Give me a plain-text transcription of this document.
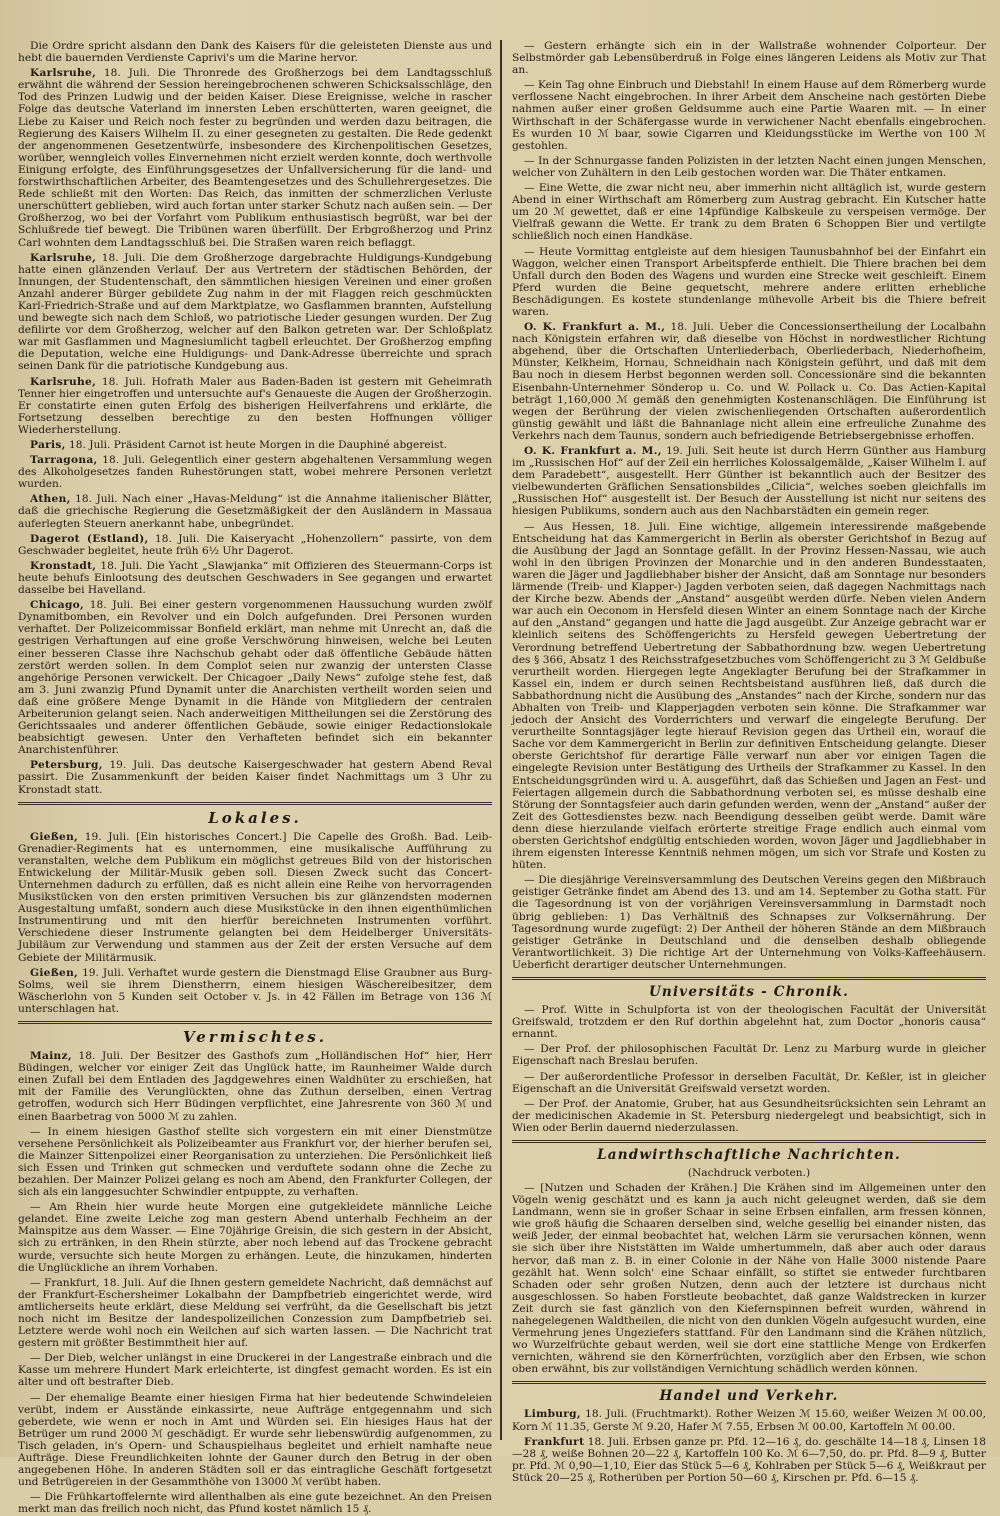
Die Ordre spricht alsdann den Dank des Kaisers für die geleisteten Dienste aus und hebt die bauernden Verdienste Caprivi's um die Marine hervor.

Karlsruhe, 18. Juli. Die Thronrede des Großherzogs bei dem Landtagsschluß erwähnt die während der Session hereingebrochenen schweren Schicksalsschläge, den Tod des Prinzen Ludwig und der beiden Kaiser. Diese Ereignisse, welche in rascher Folge das deutsche Vaterland im innersten Leben erschütterten, waren geeignet, die Liebe zu Kaiser und Reich noch fester zu begründen und werden dazu beitragen, die Regierung des Kaisers Wilhelm II. zu einer gesegneten zu gestalten. Die Rede gedenkt der angenommenen Gesetzentwürfe, insbesondere des Kirchenpolitischen Gesetzes, worüber, wenngleich volles Einvernehmen nicht erzielt werden konnte, doch werthvolle Einigung erfolgte, des Einführungsgesetzes der Unfallversicherung für die land- und forstwirthschaftlichen Arbeiter, des Beamtengesetzes und des Schullehrergesetzes. Die Rede schließt mit den Worten: Das Reich, das inmitten der schmerzlichen Verluste unerschüttert geblieben, wird auch fortan unter starker Schutz nach außen sein. — Der Großherzog, wo bei der Vorfahrt vom Publikum enthusiastisch begrüßt, war bei der Schlußrede tief bewegt. Die Tribünen waren überfüllt. Der Erbgroßherzog und Prinz Carl wohnten dem Landtagsschluß bei. Die Straßen waren reich beflaggt.

Karlsruhe, 18. Juli. Die dem Großherzoge dargebrachte Huldigungs-Kundgebung hatte einen glänzenden Verlauf. Der aus Vertretern der städtischen Behörden, der Innungen, der Studentenschaft, den sämmtlichen hiesigen Vereinen und einer großen Anzahl anderer Bürger gebildete Zug nahm in der mit Flaggen reich geschmückten Karl-Friedrich-Straße und auf dem Marktplatze, wo Gasflammen brannten, Aufstellung und bewegte sich nach dem Schloß, wo patriotische Lieder gesungen wurden. Der Zug defilirte vor dem Großherzog, welcher auf den Balkon getreten war. Der Schloßplatz war mit Gasflammen und Magnesiumlicht tagbell erleuchtet. Der Großherzog empfing die Deputation, welche eine Huldigungs- und Dank-Adresse überreichte und sprach seinen Dank für die patriotische Kundgebung aus.

Karlsruhe, 18. Juli. Hofrath Maler aus Baden-Baden ist gestern mit Geheimrath Tenner hier eingetroffen und untersuchte auf's Genaueste die Augen der Großherzogin. Er constatirte einen guten Erfolg des bisherigen Heilverfahrens und erklärte, die Fortsetzung desselben berechtige zu den besten Hoffnungen völliger Wiederherstellung.

Paris, 18. Juli. Präsident Carnot ist heute Morgen in die Dauphiné abgereist.

Tarragona, 18. Juli. Gelegentlich einer gestern abgehaltenen Versammlung wegen des Alkoholgesetzes fanden Ruhestörungen statt, wobei mehrere Personen verletzt wurden.

Athen, 18. Juli. Nach einer „Havas-Meldung“ ist die Annahme italienischer Blätter, daß die griechische Regierung die Gesetzmäßigkeit der den Ausländern in Massaua auferlegten Steuern anerkannt habe, unbegründet.

Dagerot (Estland), 18. Juli. Die Kaiseryacht „Hohenzollern“ passirte, von dem Geschwader begleitet, heute früh 6½ Uhr Dagerot.

Kronstadt, 18. Juli. Die Yacht „Slawjanka“ mit Offizieren des Steuermann-Corps ist heute behufs Einlootsung des deutschen Geschwaders in See gegangen und erwartet dasselbe bei Havelland.

Chicago, 18. Juli. Bei einer gestern vorgenommenen Haussuchung wurden zwölf Dynamitbomben, ein Revolver und ein Dolch aufgefunden. Drei Personen wurden verhaftet. Der Polizeicommissar Bonfield erklärt, man nehme mit Unrecht an, daß die gestrigen Verhaftungen auf eine große Verschwörung hinweisen, welche bei Leuten einer besseren Classe ihre Nachschub gehabt oder daß öffentliche Gebäude hätten zerstört werden sollen. In dem Complot seien nur zwanzig der untersten Classe angehörige Personen verwickelt. Der Chicagoer „Daily News“ zufolge stehe fest, daß am 3. Juni zwanzig Pfund Dynamit unter die Anarchisten vertheilt worden seien und daß eine größere Menge Dynamit in die Hände von Mitgliedern der centralen Arbeiterunion gelangt seien. Nach anderweitigen Mittheilungen sei die Zerstörung des Gerichtssaales und anderer öffentlichen Gebäude, sowie einiger Redactionslokale beabsichtigt gewesen. Unter den Verhafteten befindet sich ein bekannter Anarchistenführer.

Petersburg, 19. Juli. Das deutsche Kaisergeschwader hat gestern Abend Reval passirt. Die Zusammenkunft der beiden Kaiser findet Nachmittags um 3 Uhr zu Kronstadt statt.

Lokales.

Gießen, 19. Juli. [Ein historisches Concert.] Die Capelle des Großh. Bad. Leib-Grenadier-Regiments hat es unternommen, eine musikalische Aufführung zu veranstalten, welche dem Publikum ein möglichst getreues Bild von der historischen Entwickelung der Militär-Musik geben soll. Diesen Zweck sucht das Concert-Unternehmen dadurch zu erfüllen, daß es nicht allein eine Reihe von hervorragenden Musikstücken von den ersten primitiven Versuchen bis zur glänzendsten modernen Ausgestaltung umfaßt, sondern auch diese Musikstücke in den ihnen eigenthümlichen Instrumentirung und mit den hierfür bereichneten Instrumenten vorführt. Verschiedene dieser Instrumente gelangten bei dem Heidelberger Universitäts-Jubiläum zur Verwendung und stammen aus der Zeit der ersten Versuche auf dem Gebiete der Militärmusik.

Gießen, 19. Juli. Verhaftet wurde gestern die Dienstmagd Elise Graubner aus Burg-Solms, weil sie ihrem Dienstherrn, einem hiesigen Wäschereibesitzer, dem Wäscherlohn von 5 Kunden seit October v. Js. in 42 Fällen im Betrage von 136 ℳ unterschlagen hat.

Vermischtes.

Mainz, 18. Juli. Der Besitzer des Gasthofs zum „Holländischen Hof“ hier, Herr Büdingen, welcher vor einiger Zeit das Unglück hatte, im Raunheimer Walde durch einen Zufall bei dem Entladen des Jagdgewehres einen Waldhüter zu erschießen, hat mit der Familie des Verunglückten, ohne das Zuthun derselben, einen Vertrag getroffen, wodurch sich Herr Büdingen verpflichtet, eine Jahresrente von 360 ℳ und einen Baarbetrag von 5000 ℳ zu zahlen.

— In einem hiesigen Gasthof stellte sich vorgestern ein mit einer Dienstmütze versehene Persönlichkeit als Polizeibeamter aus Frankfurt vor, der hierher berufen sei, die Mainzer Sittenpolizei einer Reorganisation zu unterziehen. Die Persönlichkeit ließ sich Essen und Trinken gut schmecken und verduftete sodann ohne die Zeche zu bezahlen. Der Mainzer Polizei gelang es noch am Abend, den Frankfurter Collegen, der sich als ein langgesuchter Schwindler entpuppte, zu verhaften.

— Am Rhein hier wurde heute Morgen eine gutgekleidete männliche Leiche gelandet. Eine zweite Leiche zog man gestern Abend unterhalb Fechheim an der Mainspitze aus dem Wasser. — Eine 70jährige Greisin, die sich gestern in der Absicht, sich zu ertränken, in den Rhein stürzte, aber noch lebend auf das Trockene gebracht wurde, versuchte sich heute Morgen zu erhängen. Leute, die hinzukamen, hinderten die Unglückliche an ihrem Vorhaben.

— Frankfurt, 18. Juli. Auf die Ihnen gestern gemeldete Nachricht, daß demnächst auf der Frankfurt-Eschersheimer Lokalbahn der Dampfbetrieb eingerichtet werde, wird amtlicherseits heute erklärt, diese Meldung sei verfrüht, da die Gesellschaft bis jetzt noch nicht im Besitze der landespolizeilichen Conzession zum Dampfbetrieb sei. Letztere werde wohl noch ein Weilchen auf sich warten lassen. — Die Nachricht trat gestern mit größter Bestimmtheit hier auf.

— Der Dieb, welcher unlängst in eine Druckerei in der Langestraße einbrach und die Kasse um mehrere Hundert Mark erleichterte, ist dingfest gemacht worden. Es ist ein alter und oft bestrafter Dieb.

— Der ehemalige Beamte einer hiesigen Firma hat hier bedeutende Schwindeleien verübt, indem er Ausstände einkassirte, neue Aufträge entgegennahm und sich geberdete, wie wenn er noch in Amt und Würden sei. Ein hiesiges Haus hat der Betrüger um rund 2000 ℳ geschädigt. Er wurde sehr liebenswürdig aufgenommen, zu Tisch geladen, in's Opern- und Schauspielhaus begleitet und erhielt namhafte neue Aufträge. Diese Freundlichkeiten lohnte der Gauner durch den Betrug in der oben angegebenen Höhe. In anderen Städten soll er das eintragliche Geschäft fortgesetzt und Betrügereien in der Gesammthöhe von 13000 ℳ verübt haben.

— Die Frühkartoffelernte wird allenthalben als eine gute bezeichnet. An den Preisen merkt man das freilich noch nicht, das Pfund kostet nämlich 15 ₰.

— Gestern erhängte sich ein in der Wallstraße wohnender Colporteur. Der Selbstmörder gab Lebensüberdruß in Folge eines längeren Leidens als Motiv zur That an.

— Kein Tag ohne Einbruch und Diebstahl! In einem Hause auf dem Römerberg wurde verflossene Nacht eingebrochen. In ihrer Arbeit dem Anscheine nach gestörten Diebe nahmen außer einer großen Geldsumme auch eine Partie Waaren mit. — In einer Wirthschaft in der Schäfergasse wurde in verwichener Nacht ebenfalls eingebrochen. Es wurden 10 ℳ baar, sowie Cigarren und Kleidungsstücke im Werthe von 100 ℳ gestohlen.

— In der Schnurgasse fanden Polizisten in der letzten Nacht einen jungen Menschen, welcher von Zuhältern in den Leib gestochen worden war. Die Thäter entkamen.

— Eine Wette, die zwar nicht neu, aber immerhin nicht alltäglich ist, wurde gestern Abend in einer Wirthschaft am Römerberg zum Austrag gebracht. Ein Kutscher hatte um 20 ℳ gewettet, daß er eine 14pfündige Kalbskeule zu verspeisen vermöge. Der Vielfraß gewann die Wette. Er trank zu dem Braten 6 Schoppen Bier und vertilgte schließlich noch einen Handkäse.

— Heute Vormittag entgleiste auf dem hiesigen Taunusbahnhof bei der Einfahrt ein Waggon, welcher einen Transport Arbeitspferde enthielt. Die Thiere brachen bei dem Unfall durch den Boden des Wagens und wurden eine Strecke weit geschleift. Einem Pferd wurden die Beine gequetscht, mehrere andere erlitten erhebliche Beschädigungen. Es kostete stundenlange mühevolle Arbeit bis die Thiere befreit waren.

O. K. Frankfurt a. M., 18. Juli. Ueber die Concessionsertheilung der Localbahn nach Königstein erfahren wir, daß dieselbe von Höchst in nordwestlicher Richtung abgehend, über die Ortschaften Unterliederbach, Oberliederbach, Niederhofheim, Münster, Kelkheim, Hornau, Schneidhain nach Königstein geführt, und daß mit dem Bau noch in diesem Herbst begonnen werden soll. Concessionäre sind die bekannten Eisenbahn-Unternehmer Sönderop u. Co. und W. Pollack u. Co. Das Actien-Kapital beträgt 1,160,000 ℳ gemäß den genehmigten Kostenanschlägen. Die Einführung ist wegen der Berührung der vielen zwischenliegenden Ortschaften außerordentlich günstig gewählt und läßt die Bahnanlage nicht allein eine erfreuliche Zunahme des Verkehrs nach dem Taunus, sondern auch befriedigende Betriebsergebnisse erhoffen.

O. K. Frankfurt a. M., 19. Juli. Seit heute ist durch Herrn Günther aus Hamburg im „Russischen Hof“ auf der Zeil ein herrliches Kolossalgemälde, „Kaiser Wilhelm I. auf dem Paradebett“, ausgestellt. Herr Günther ist bekanntlich auch der Besitzer des vielbewunderten Gräflichen Sensationsbildes „Cilicia“, welches soeben gleichfalls im „Russischen Hof“ ausgestellt ist. Der Besuch der Ausstellung ist nicht nur seitens des hiesigen Publikums, sondern auch aus den Nachbarstädten ein gemein reger.

— Aus Hessen, 18. Juli. Eine wichtige, allgemein interessirende maßgebende Entscheidung hat das Kammergericht in Berlin als oberster Gerichtshof in Bezug auf die Ausübung der Jagd an Sonntage gefällt. In der Provinz Hessen-Nassau, wie auch wohl in den übrigen Provinzen der Monarchie und in den anderen Bundesstaaten, waren die Jäger und Jagdliebhaber bisher der Ansicht, daß am Sonntage nur besonders lärmende (Treib- und Klapper-) Jagden verboten seien, daß dagegen Nachmittags nach der Kirche bezw. Abends der „Anstand“ ausgeübt werden dürfe. Neben vielen Andern war auch ein Oeconom in Hersfeld diesen Winter an einem Sonntage nach der Kirche auf den „Anstand“ gegangen und hatte die Jagd ausgeübt. Zur Anzeige gebracht war er kleinlich seitens des Schöffengerichts zu Hersfeld gewegen Uebertretung der Verordnung betreffend Uebertretung der Sabbathordnung bzw. wegen Uebertretung des § 366, Absatz 1 des Reichsstrafgesetzbuches vom Schöffengericht zu 3 ℳ Geldbuße verurtheilt worden. Hiergegen legte Angeklagter Berufung bei der Strafkammer in Kassel ein, indem er durch seinen Rechtsbeistand ausführen ließ, daß durch die Sabbathordnung nicht die Ausübung des „Anstandes“ nach der Kirche, sondern nur das Abhalten von Treib- und Klapperjagden verboten sein könne. Die Strafkammer war jedoch der Ansicht des Vorderrichters und verwarf die eingelegte Berufung. Der verurtheilte Sonntagsjäger legte hierauf Revision gegen das Urtheil ein, worauf die Sache vor dem Kammergericht in Berlin zur definitiven Entscheidung gelangte. Dieser oberste Gerichtshof für derartige Fälle verwarf nun aber vor einigen Tagen die eingelegte Revision unter Bestätigung des Urtheils der Strafkammer zu Kassel. In den Entscheidungsgründen wird u. A. ausgeführt, daß das Schießen und Jagen an Fest- und Feiertagen allgemein durch die Sabbathordnung verboten sei, es müsse deshalb eine Störung der Sonntagsfeier auch darin gefunden werden, wenn der „Anstand“ außer der Zeit des Gottesdienstes bezw. nach Beendigung desselben geübt werde. Damit wäre denn diese hierzulande vielfach erörterte streitige Frage endlich auch einmal vom obersten Gerichtshof endgültig entschieden worden, wovon Jäger und Jagdliebhaber in ihrem eigensten Interesse Kenntniß nehmen mögen, um sich vor Strafe und Kosten zu hüten.

— Die diesjährige Vereinsversammlung des Deutschen Vereins gegen den Mißbrauch geistiger Getränke findet am Abend des 13. und am 14. September zu Gotha statt. Für die Tagesordnung ist von der vorjährigen Vereinsversammlung in Darmstadt noch übrig geblieben: 1) Das Verhältniß des Schnapses zur Volksernährung. Der Tagesordnung wurde zugefügt: 2) Der Antheil der höheren Stände an dem Mißbrauch geistiger Getränke in Deutschland und die denselben deshalb obliegende Verantwortlichkeit. 3) Die richtige Art der Unternehmung von Volks-Kaffeehäusern. Ueberficht derartiger deutscher Unternehmungen.

Universitäts - Chronik.

— Prof. Witte in Schulpforta ist von der theologischen Facultät der Universität Greifswald, trotzdem er den Ruf dorthin abgelehnt hat, zum Doctor „honoris causa“ ernannt.

— Der Prof. der philosophischen Facultät Dr. Lenz zu Marburg wurde in gleicher Eigenschaft nach Breslau berufen.

— Der außerordentliche Professor in derselben Facultät, Dr. Keßler, ist in gleicher Eigenschaft an die Universität Greifswald versetzt worden.

— Der Prof. der Anatomie, Gruber, hat aus Gesundheitsrücksichten sein Lehramt an der medicinischen Akademie in St. Petersburg niedergelegt und beabsichtigt, sich in Wien oder Berlin dauernd niederzulassen.

Landwirthschaftliche Nachrichten.
(Nachdruck verboten.)

— [Nutzen und Schaden der Krähen.] Die Krähen sind im Allgemeinen unter den Vögeln wenig geschätzt und es kann ja auch nicht geleugnet werden, daß sie dem Landmann, wenn sie in großer Schaar in seine Erbsen einfallen, arm fressen können, wie groß häufig die Schaaren derselben sind, welche gesellig bei einander nisten, das weiß Jeder, der einmal beobachtet hat, welchen Lärm sie verursachen können, wenn sie sich über ihre Niststätten im Walde umhertummeln, daß aber auch oder daraus hervor, daß man z. B. in einer Colonie in der Nähe von Halle 3000 nistende Paare gezählt hat. Wenn solch' eine Schaar einfällt, so stiftet sie entweder furchtbaren Schaden oder sehr großen Nutzen, denn auch der letztere ist durchaus nicht ausgeschlossen. So haben Forstleute beobachtet, daß ganze Waldstrecken in kurzer Zeit durch sie fast gänzlich von den Kiefernspinnen befreit wurden, während in nahegelegenen Waldtheilen, die nicht von den dunklen Vögeln aufgesucht wurden, eine Vermehrung jenes Ungeziefers stattfand. Für den Landmann sind die Krähen nützlich, wo Wurzelfrüchte gebaut werden, weil sie dort eine stattliche Menge von Erdkerfen vernichten, während sie den Körnerfrüchten, vorzüglich aber den Erbsen, wie schon oben erwähnt, bis zur vollständigen Vernichtung schädlich werden können.

Handel und Verkehr.

Limburg, 18. Juli. (Fruchtmarkt). Rother Weizen ℳ 15.60, weißer Weizen ℳ 00.00, Korn ℳ 11.35, Gerste ℳ 9.20, Hafer ℳ 7.55, Erbsen ℳ 00.00, Kartoffeln ℳ 00.00.

Frankfurt 18. Juli. Erbsen ganze pr. Pfd. 12—16 ₰, do. geschälte 14—18 ₰, Linsen 18—28 ₰, weiße Bohnen 20—22 ₰, Kartoffeln 100 Ko. ℳ 6—7,50, do. pr. Pfd. 8—9 ₰, Butter pr. Pfd. ℳ 0,90—1,10, Eier das Stück 5—6 ₰, Kohlraben per Stück 5—6 ₰, Weißkraut per Stück 20—25 ₰, Rotherüben per Portion 50—60 ₰, Kirschen pr. Pfd. 6—15 ₰.
